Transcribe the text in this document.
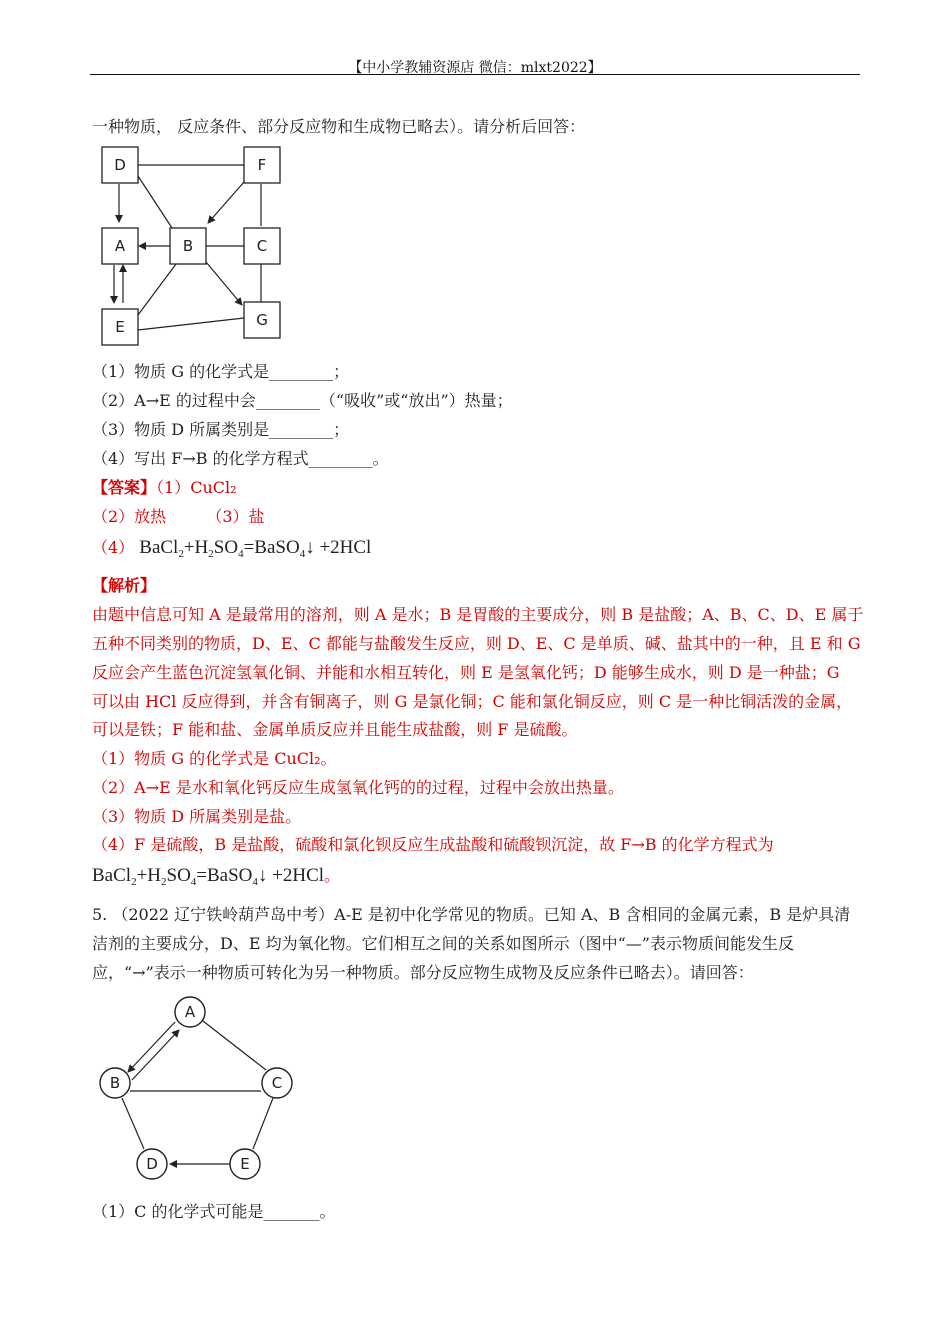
【中小学教辅资源店 微信：mlxt2022】
一种物质， 反应条件、部分反应物和生成物已略去）。请分析后回答：
D	F
A	B	C
E	G
（1）物质 G 的化学式是________；
（2）A→E 的过程中会________（“吸收”或“放出”）热量；
（3）物质 D 所属类别是________；
（4）写出 F→B 的化学方程式________。
【答案】（1）CuCl₂
（2）放热	（3）盐
（4） $BaCl_2+H_2SO_4=BaSO_4↓ +2HCl$
【解析】
由题中信息可知 A 是最常用的溶剂，则 A 是水；B 是胃酸的主要成分，则 B 是盐酸；A、B、C、D、E 属于
五种不同类别的物质，D、E、C 都能与盐酸发生反应，则 D、E、C 是单质、碱、盐其中的一种，且 E 和 G
反应会产生蓝色沉淀氢氧化铜、并能和水相互转化，则 E 是氢氧化钙；D 能够生成水，则 D 是一种盐；G
可以由 HCl 反应得到，并含有铜离子，则 G 是氯化铜；C 能和氯化铜反应，则 C 是一种比铜活泼的金属，
可以是铁；F 能和盐、金属单质反应并且能生成盐酸，则 F 是硫酸。
（1）物质 G 的化学式是 CuCl₂。
（2）A→E 是水和氧化钙反应生成氢氧化钙的的过程，过程中会放出热量。
（3）物质 D 所属类别是盐。
（4）F 是硫酸，B 是盐酸，硫酸和氯化钡反应生成盐酸和硫酸钡沉淀，故 F→B 的化学方程式为
$BaCl_2+H_2SO_4=BaSO_4↓ +2HCl$。
5. （2022 辽宁铁岭葫芦岛中考）A-E 是初中化学常见的物质。已知 A、B 含相同的金属元素，B 是炉具清
洁剂的主要成分，D、E 均为氧化物。它们相互之间的关系如图所示（图中“—”表示物质间能发生反
应，“→”表示一种物质可转化为另一种物质。部分反应物生成物及反应条件已略去）。请回答：
A
B	C
D	E
（1）C 的化学式可能是_______。
